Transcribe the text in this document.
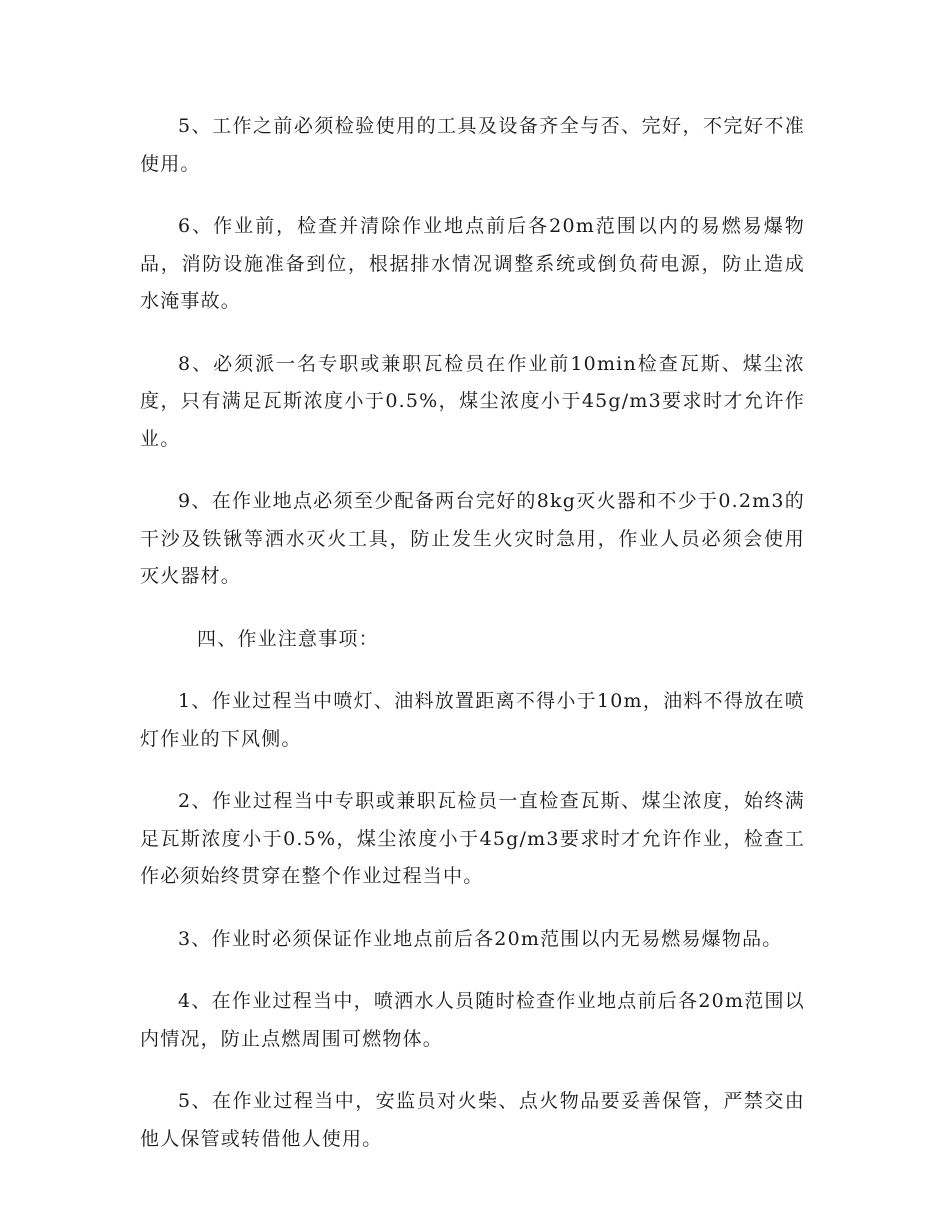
5、工作之前必须检验使用的工具及设备齐全与否、完好，不完好不准使用。

6、作业前，检查并清除作业地点前后各20m范围以内的易燃易爆物品，消防设施准备到位，根据排水情况调整系统或倒负荷电源，防止造成水淹事故。

8、必须派一名专职或兼职瓦检员在作业前10min检查瓦斯、煤尘浓度，只有满足瓦斯浓度小于0.5%，煤尘浓度小于45g/m3要求时才允许作业。

9、在作业地点必须至少配备两台完好的8kg灭火器和不少于0.2m3的干沙及铁锹等洒水灭火工具，防止发生火灾时急用，作业人员必须会使用灭火器材。

四、作业注意事项：

1、作业过程当中喷灯、油料放置距离不得小于10m，油料不得放在喷灯作业的下风侧。

2、作业过程当中专职或兼职瓦检员一直检查瓦斯、煤尘浓度，始终满足瓦斯浓度小于0.5%，煤尘浓度小于45g/m3要求时才允许作业，检查工作必须始终贯穿在整个作业过程当中。

3、作业时必须保证作业地点前后各20m范围以内无易燃易爆物品。

4、在作业过程当中，喷洒水人员随时检查作业地点前后各20m范围以内情况，防止点燃周围可燃物体。

5、在作业过程当中，安监员对火柴、点火物品要妥善保管，严禁交由他人保管或转借他人使用。
